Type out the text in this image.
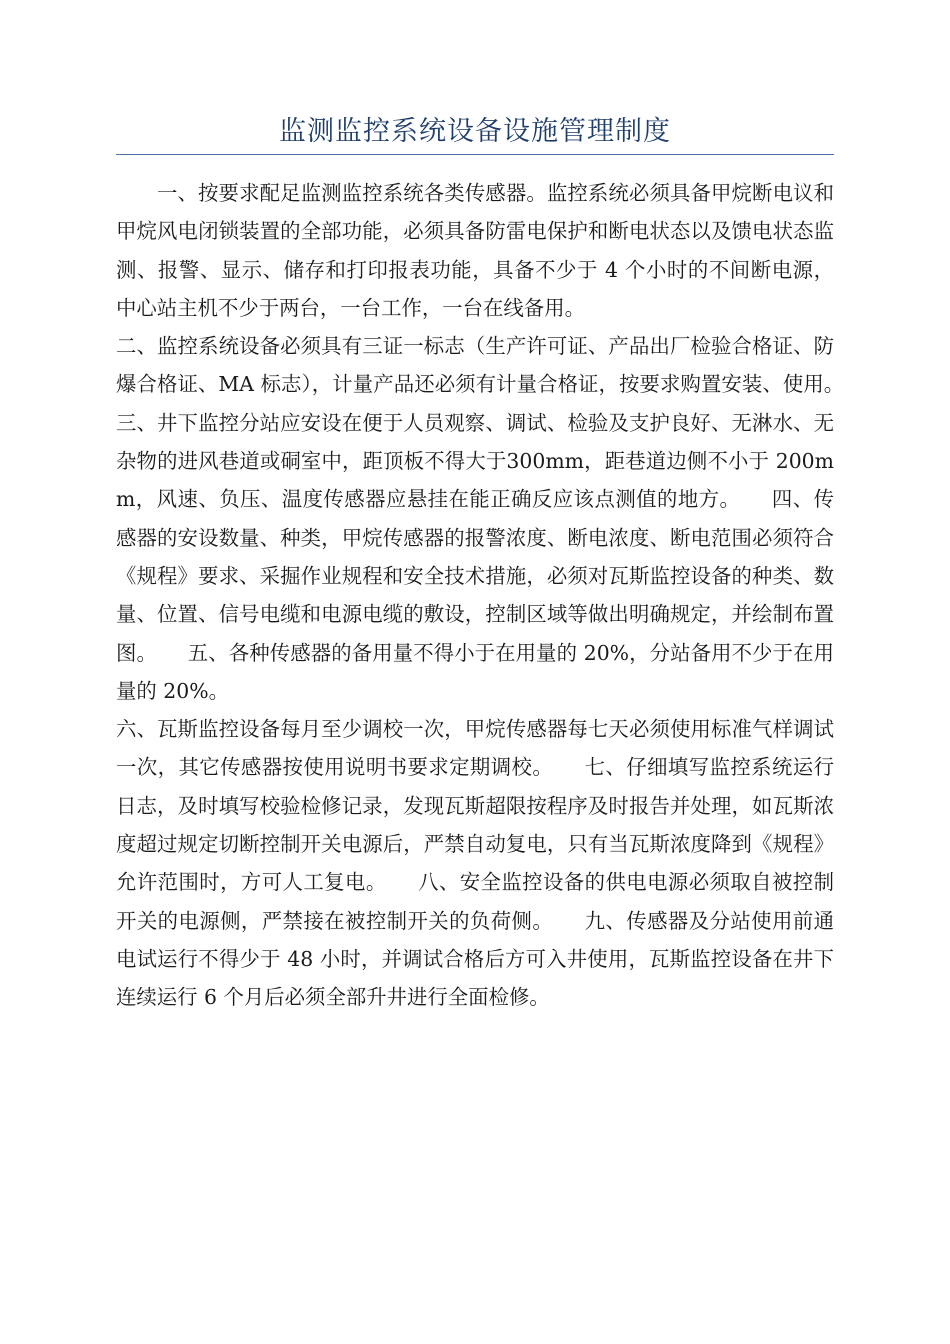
监测监控系统设备设施管理制度

一、按要求配足监测监控系统各类传感器。监控系统必须具备甲烷断电议和甲烷风电闭锁装置的全部功能，必须具备防雷电保护和断电状态以及馈电状态监测、报警、显示、储存和打印报表功能，具备不少于 4 个小时的不间断电源，中心站主机不少于两台，一台工作，一台在线备用。

二、监控系统设备必须具有三证一标志（生产许可证、产品出厂检验合格证、防爆合格证、MA 标志），计量产品还必须有计量合格证，按要求购置安装、使用。　　三、井下监控分站应安设在便于人员观察、调试、检验及支护良好、无淋水、无杂物的进风巷道或硐室中，距顶板不得大于300mm，距巷道边侧不小于 200mm，风速、负压、温度传感器应悬挂在能正确反应该点测值的地方。　　四、传感器的安设数量、种类，甲烷传感器的报警浓度、断电浓度、断电范围必须符合《规程》要求、采掘作业规程和安全技术措施，必须对瓦斯监控设备的种类、数量、位置、信号电缆和电源电缆的敷设，控制区域等做出明确规定，并绘制布置图。　　五、各种传感器的备用量不得小于在用量的 20%，分站备用不少于在用量的 20%。

六、瓦斯监控设备每月至少调校一次，甲烷传感器每七天必须使用标准气样调试一次，其它传感器按使用说明书要求定期调校。　　七、仔细填写监控系统运行日志，及时填写校验检修记录，发现瓦斯超限按程序及时报告并处理，如瓦斯浓度超过规定切断控制开关电源后，严禁自动复电，只有当瓦斯浓度降到《规程》允许范围时，方可人工复电。　　八、安全监控设备的供电电源必须取自被控制开关的电源侧，严禁接在被控制开关的负荷侧。　　九、传感器及分站使用前通电试运行不得少于 48 小时，并调试合格后方可入井使用，瓦斯监控设备在井下连续运行 6 个月后必须全部升井进行全面检修。
